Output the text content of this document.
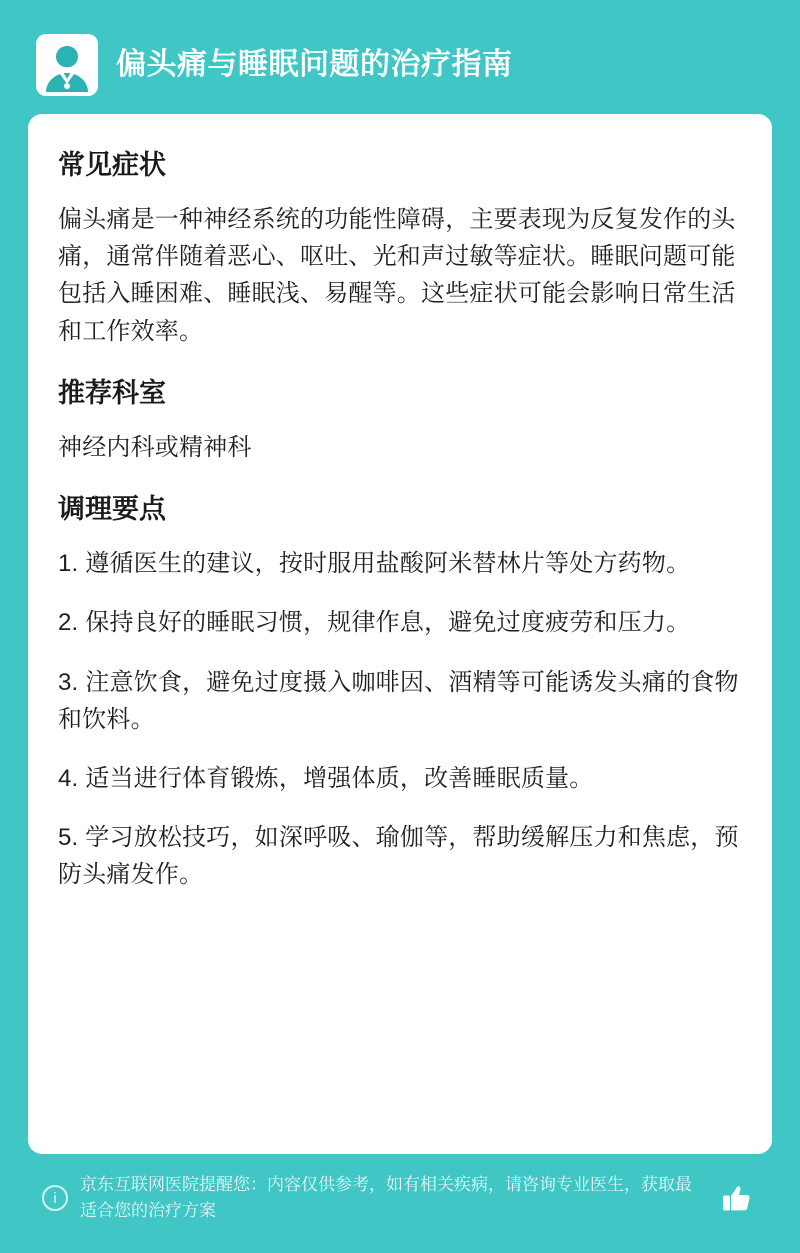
偏头痛与睡眠问题的治疗指南
常见症状

偏头痛是一种神经系统的功能性障碍，主要表现为反复发作的头痛，通常伴随着恶心、呕吐、光和声过敏等症状。睡眠问题可能包括入睡困难、睡眠浅、易醒等。这些症状可能会影响日常生活和工作效率。

推荐科室

神经内科或精神科

调理要点
1. 遵循医生的建议，按时服用盐酸阿米替林片等处方药物。
2. 保持良好的睡眠习惯，规律作息，避免过度疲劳和压力。
3. 注意饮食，避免过度摄入咖啡因、酒精等可能诱发头痛的食物和饮料。
4. 适当进行体育锻炼，增强体质，改善睡眠质量。
5. 学习放松技巧，如深呼吸、瑜伽等，帮助缓解压力和焦虑，预防头痛发作。
i
京东互联网医院提醒您：内容仅供参考，如有相关疾病，请咨询专业医生，获取最适合您的治疗方案
